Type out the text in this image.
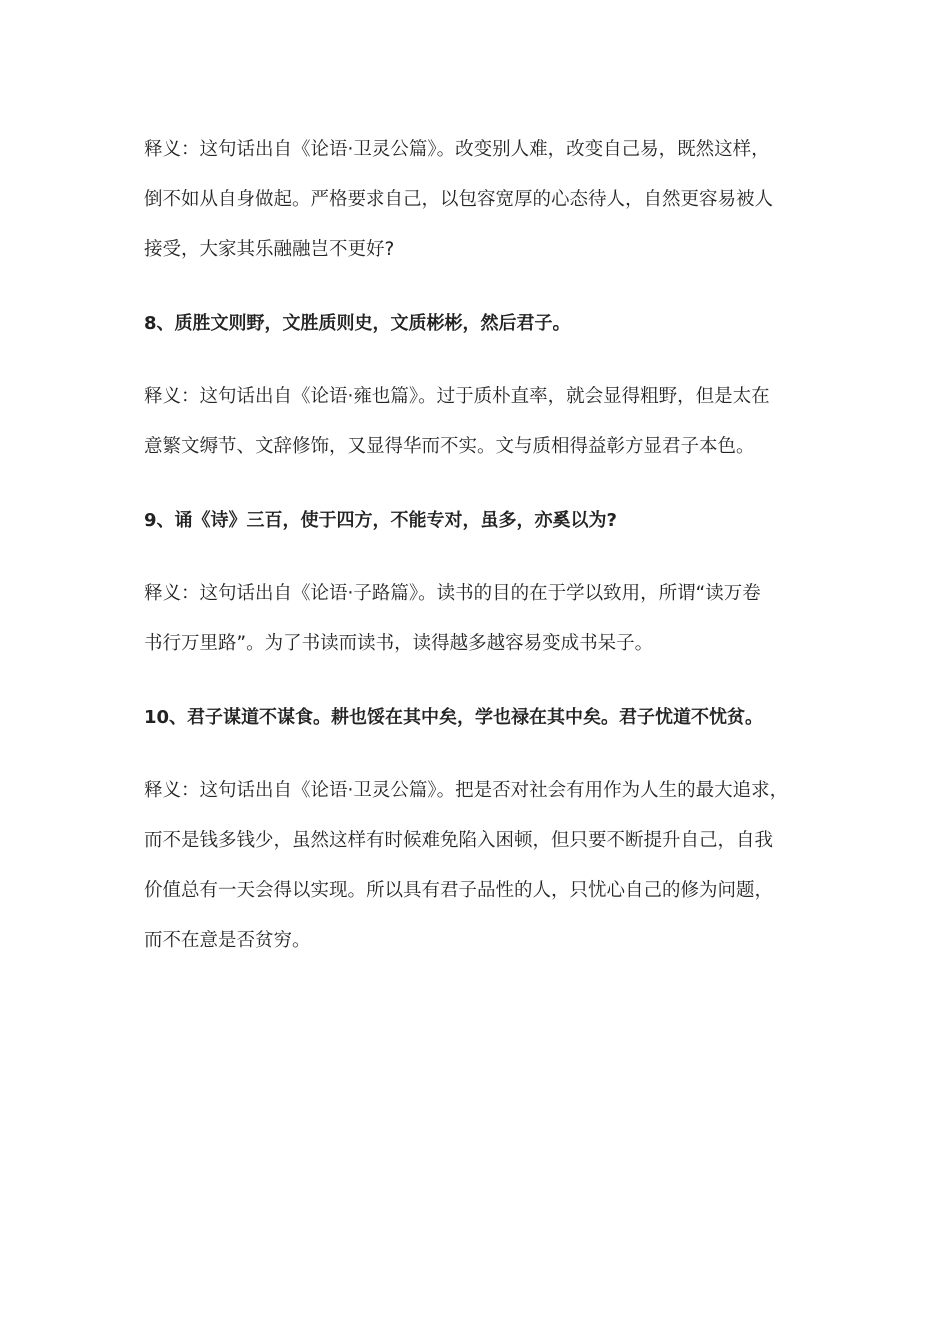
释义：这句话出自《论语·卫灵公篇》。改变别人难，改变自己易，既然这样，
倒不如从自身做起。严格要求自己，以包容宽厚的心态待人，自然更容易被人
接受，大家其乐融融岂不更好?
8、质胜文则野，文胜质则史，文质彬彬，然后君子。
释义：这句话出自《论语·雍也篇》。过于质朴直率，就会显得粗野，但是太在
意繁文缛节、文辞修饰，又显得华而不实。文与质相得益彰方显君子本色。
9、诵《诗》三百，使于四方，不能专对，虽多，亦奚以为?
释义：这句话出自《论语·子路篇》。读书的目的在于学以致用，所谓“读万卷
书行万里路”。为了书读而读书，读得越多越容易变成书呆子。
10、君子谋道不谋食。耕也馁在其中矣，学也禄在其中矣。君子忧道不忧贫。
释义：这句话出自《论语·卫灵公篇》。把是否对社会有用作为人生的最大追求，
而不是钱多钱少，虽然这样有时候难免陷入困顿，但只要不断提升自己，自我
价值总有一天会得以实现。所以具有君子品性的人，只忧心自己的修为问题，
而不在意是否贫穷。
